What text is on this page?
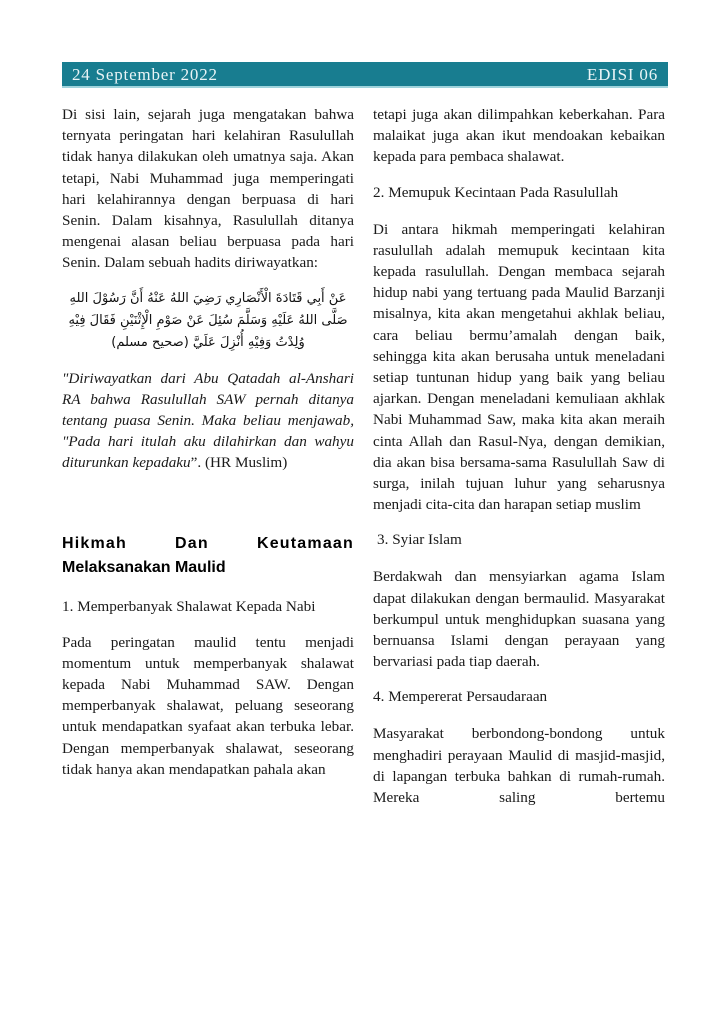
24 September 2022	EDISI 06

Di sisi lain, sejarah juga mengatakan bahwa ternyata peringatan hari kelahiran Rasulullah tidak hanya dilakukan oleh umatnya saja. Akan tetapi, Nabi Muhammad juga memperingati hari kelahirannya dengan berpuasa di hari Senin. Dalam kisahnya, Rasulullah ditanya mengenai alasan beliau berpuasa pada hari Senin. Dalam sebuah hadits diriwayatkan:

عَنْ أَبِي قَتَادَةَ الْأَنْصَارِي رَضِيَ اللهُ عَنْهُ أَنَّ رَسُوْلَ اللهِ

صَلَّى اللهُ عَلَيْهِ وَسَلَّمَ سُئِلَ عَنْ صَوْمِ الْإِثْنَيْنِ فَقَالَ فِيْهِ

وُلِدْتُ وَفِيْهِ أُنْزِلَ عَلَيَّ (صحيح مسلم)

"Diriwayatkan dari Abu Qatadah al-Anshari RA bahwa Rasulullah SAW pernah ditanya tentang puasa Senin. Maka beliau menjawab, "Pada hari itulah aku dilahirkan dan wahyu diturunkan kepadaku”. (HR Muslim)

Hikmah Dan Keutamaan

Melaksanakan Maulid

1. Memperbanyak Shalawat Kepada Nabi

Pada peringatan maulid tentu menjadi momentum untuk memperbanyak shalawat kepada Nabi Muhammad SAW. Dengan memperbanyak shalawat, peluang seseorang untuk mendapatkan syafaat akan terbuka lebar. Dengan memperbanyak shalawat, seseorang tidak hanya akan mendapatkan pahala akan

tetapi juga akan dilimpahkan keberkahan. Para malaikat juga akan ikut mendoakan kebaikan kepada para pembaca shalawat.

2. Memupuk Kecintaan Pada Rasulullah

Di antara hikmah memperingati kelahiran rasulullah adalah memupuk kecintaan kita kepada rasulullah. Dengan membaca sejarah hidup nabi yang tertuang pada Maulid Barzanji misalnya, kita akan mengetahui akhlak beliau, cara beliau bermu’amalah dengan baik, sehingga kita akan berusaha untuk meneladani setiap tuntunan hidup yang baik yang beliau ajarkan. Dengan meneladani kemuliaan akhlak Nabi Muhammad Saw, maka kita akan meraih cinta Allah dan Rasul-Nya, dengan demikian, dia akan bisa bersama-sama Rasulullah Saw di surga, inilah tujuan luhur yang seharusnya menjadi cita-cita dan harapan setiap muslim

3. Syiar Islam

Berdakwah dan mensyiarkan agama Islam dapat dilakukan dengan bermaulid. Masyarakat berkumpul untuk menghidupkan suasana yang bernuansa Islami dengan perayaan yang bervariasi pada tiap daerah.

4. Mempererat Persaudaraan

Masyarakat berbondong-bondong untuk menghadiri perayaan Maulid di masjid-masjid, di lapangan terbuka bahkan di rumah-rumah. Mereka saling bertemu
